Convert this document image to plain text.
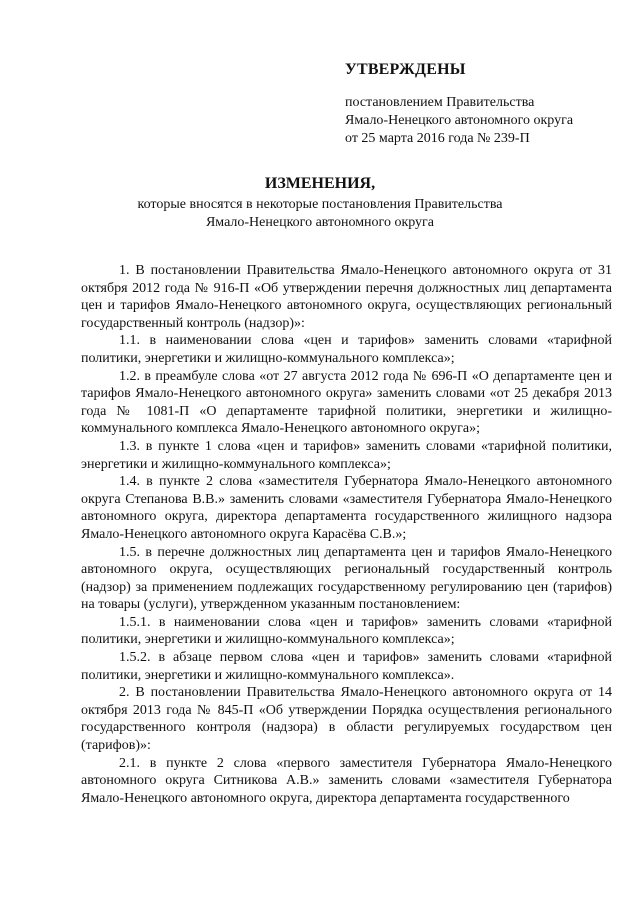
УТВЕРЖДЕНЫ
постановлением Правительства
Ямало-Ненецкого автономного округа
от 25 марта 2016 года № 239-П
ИЗМЕНЕНИЯ,
которые вносятся в некоторые постановления Правительства
Ямало-Ненецкого автономного округа

1. В постановлении Правительства Ямало-Ненецкого автономного округа от 31 октября 2012 года № 916-П «Об утверждении перечня должностных лиц департамента цен и тарифов Ямало-Ненецкого автономного округа, осуществляющих региональный государственный контроль (надзор)»:

1.1. в наименовании слова «цен и тарифов» заменить словами «тарифной политики, энергетики и жилищно-коммунального комплекса»;

1.2. в преамбуле слова «от 27 августа 2012 года № 696-П «О департаменте цен и тарифов Ямало-Ненецкого автономного округа» заменить словами «от 25 декабря 2013 года № 1081-П «О департаменте тарифной политики, энергетики и жилищно-коммунального комплекса Ямало-Ненецкого автономного округа»;

1.3. в пункте 1 слова «цен и тарифов» заменить словами «тарифной политики, энергетики и жилищно-коммунального комплекса»;

1.4. в пункте 2 слова «заместителя Губернатора Ямало-Ненецкого автономного округа Степанова В.В.» заменить словами «заместителя Губернатора Ямало-Ненецкого автономного округа, директора департамента государственного жилищного надзора Ямало-Ненецкого автономного округа Карасёва С.В.»;

1.5. в перечне должностных лиц департамента цен и тарифов Ямало-Ненецкого автономного округа, осуществляющих региональный государственный контроль (надзор) за применением подлежащих государственному регулированию цен (тарифов) на товары (услуги), утвержденном указанным постановлением:

1.5.1. в наименовании слова «цен и тарифов» заменить словами «тарифной политики, энергетики и жилищно-коммунального комплекса»;

1.5.2. в абзаце первом слова «цен и тарифов» заменить словами «тарифной политики, энергетики и жилищно-коммунального комплекса».

2. В постановлении Правительства Ямало-Ненецкого автономного округа от 14 октября 2013 года № 845-П «Об утверждении Порядка осуществления регионального государственного контроля (надзора) в области регулируемых государством цен (тарифов)»:

2.1. в пункте 2 слова «первого заместителя Губернатора Ямало-Ненецкого автономного округа Ситникова А.В.» заменить словами «заместителя Губернатора Ямало-Ненецкого автономного округа, директора департамента государственного
